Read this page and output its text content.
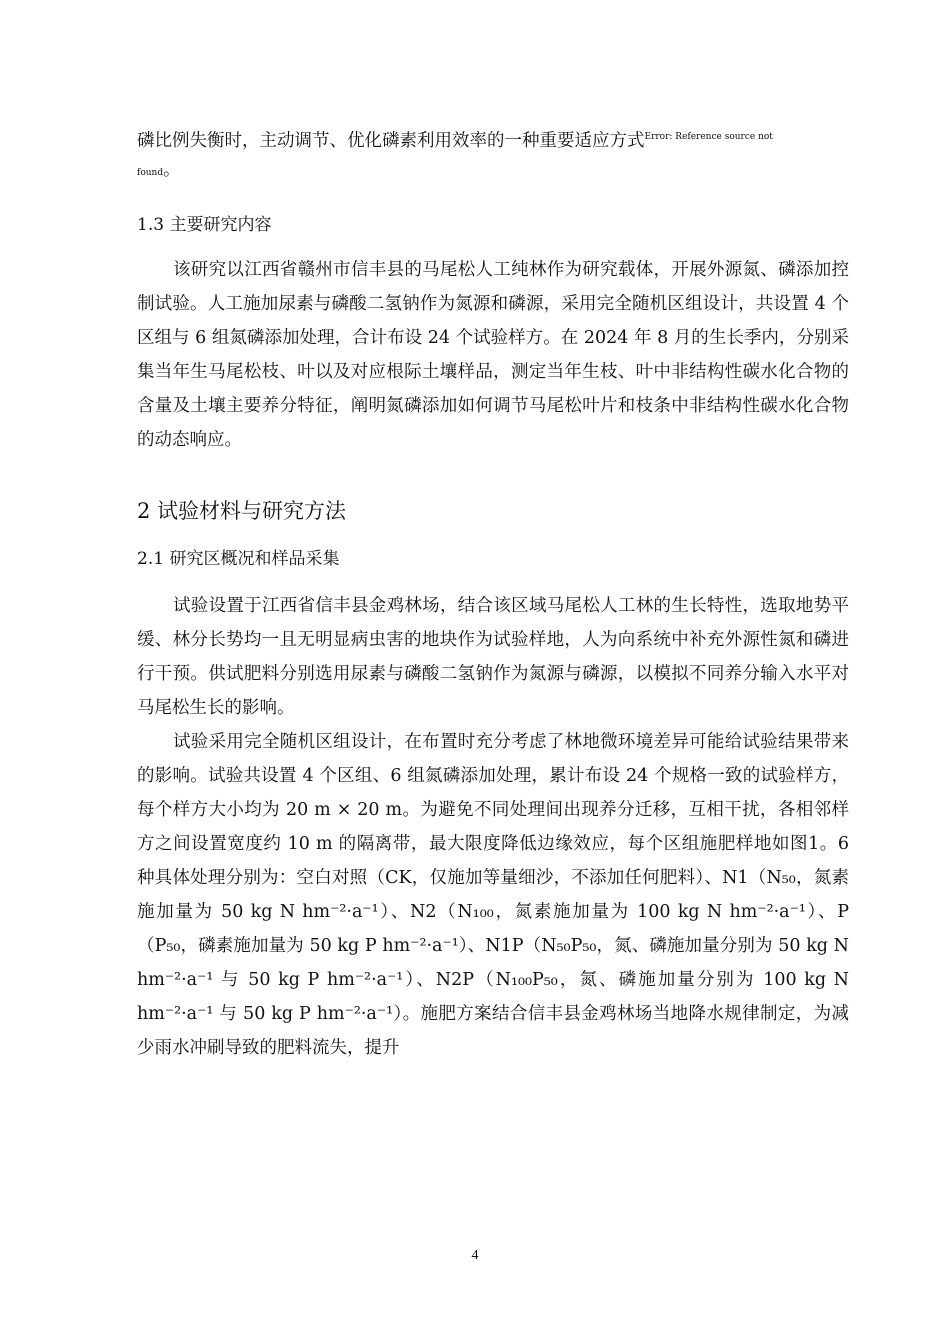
磷比例失衡时，主动调节、优化磷素利用效率的一种重要适应方式$^{Error: Reference source not}$

found。
1.3 主要研究内容

该研究以江西省赣州市信丰县的马尾松人工纯林作为研究载体，开展外源氮、磷添加控制试验。人工施加尿素与磷酸二氢钠作为氮源和磷源，采用完全随机区组设计，共设置 4 个区组与 6 组氮磷添加处理，合计布设 24 个试验样方。在 2024 年 8 月的生长季内，分别采集当年生马尾松枝、叶以及对应根际土壤样品，测定当年生枝、叶中非结构性碳水化合物的含量及土壤主要养分特征，阐明氮磷添加如何调节马尾松叶片和枝条中非结构性碳水化合物的动态响应。

2 试验材料与研究方法
2.1 研究区概况和样品采集

试验设置于江西省信丰县金鸡林场，结合该区域马尾松人工林的生长特性，选取地势平缓、林分长势均一且无明显病虫害的地块作为试验样地，人为向系统中补充外源性氮和磷进行干预。供试肥料分别选用尿素与磷酸二氢钠作为氮源与磷源，以模拟不同养分输入水平对马尾松生长的影响。

试验采用完全随机区组设计，在布置时充分考虑了林地微环境差异可能给试验结果带来的影响。试验共设置 4 个区组、6 组氮磷添加处理，累计布设 24 个规格一致的试验样方，每个样方大小均为 20 m × 20 m。为避免不同处理间出现养分迁移，互相干扰，各相邻样方之间设置宽度约 10 m 的隔离带，最大限度降低边缘效应，每个区组施肥样地如图1。6 种具体处理分别为：空白对照（CK，仅施加等量细沙，不添加任何肥料）、N1（N₅₀，氮素施加量为 50 kg N hm⁻²·a⁻¹）、N2（N₁₀₀，氮素施加量为 100 kg N hm⁻²·a⁻¹）、P（P₅₀，磷素施加量为 50 kg P hm⁻²·a⁻¹）、N1P（N₅₀P₅₀，氮、磷施加量分别为 50 kg N hm⁻²·a⁻¹ 与 50 kg P hm⁻²·a⁻¹）、N2P（N₁₀₀P₅₀，氮、磷施加量分别为 100 kg N hm⁻²·a⁻¹ 与 50 kg P hm⁻²·a⁻¹）。施肥方案结合信丰县金鸡林场当地降水规律制定，为减少雨水冲刷导致的肥料流失，提升

4
